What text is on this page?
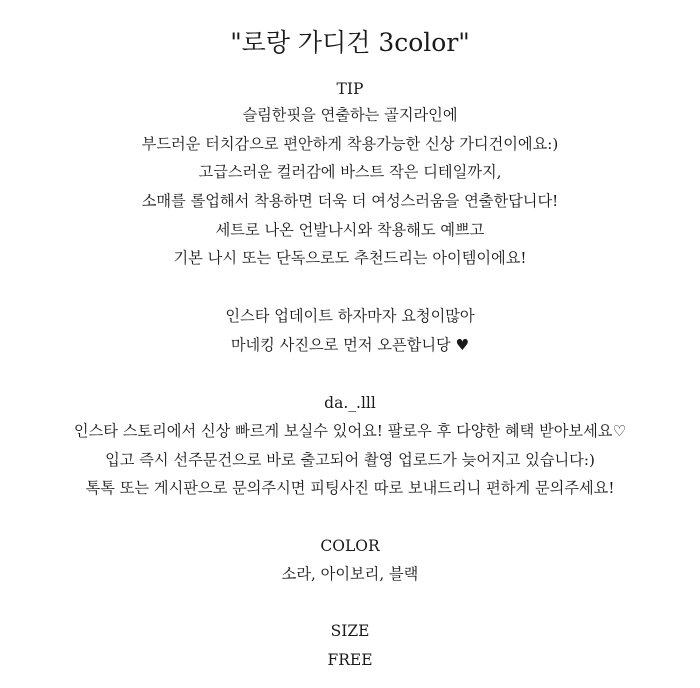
"로랑 가디건 3color"
TIP
슬림한핏을 연출하는 골지라인에
부드러운 터치감으로 편안하게 착용가능한 신상 가디건이에요:)
고급스러운 컬러감에 바스트 작은 디테일까지,
소매를 롤업해서 착용하면 더욱 더 여성스러움을 연출한답니다!
세트로 나온 언발나시와 착용해도 예쁘고
기본 나시 또는 단독으로도 추천드리는 아이템이에요!
인스타 업데이트 하자마자 요청이많아
마네킹 사진으로 먼저 오픈합니당 ♥
da._.lll
인스타 스토리에서 신상 빠르게 보실수 있어요! 팔로우 후 다양한 혜택 받아보세요♡
입고 즉시 선주문건으로 바로 출고되어 촬영 업로드가 늦어지고 있습니다:)
톡톡 또는 게시판으로 문의주시면 피팅사진 따로 보내드리니 편하게 문의주세요!
COLOR
소라, 아이보리, 블랙
SIZE
FREE
